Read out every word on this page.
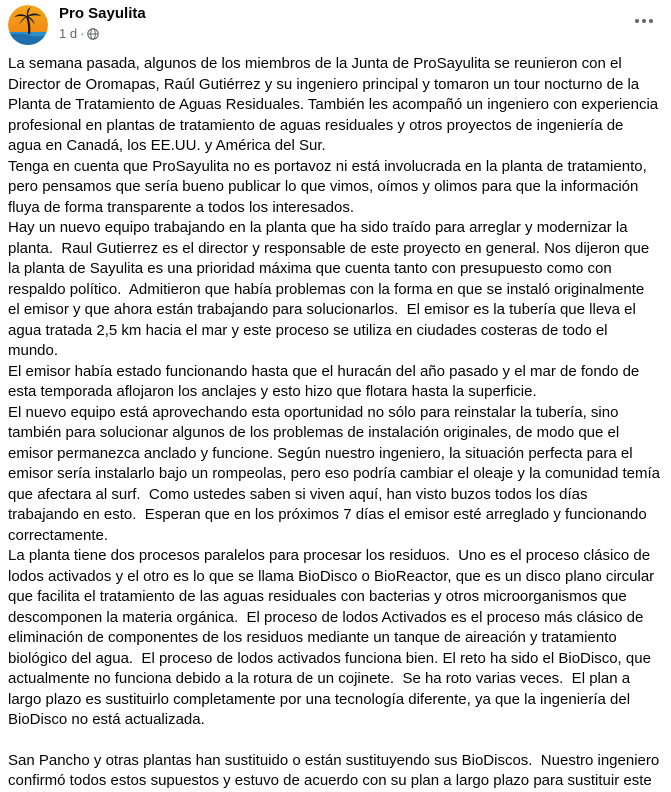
Pro Sayulita
1 d ·

La semana pasada, algunos de los miembros de la Junta de ProSayulita se reunieron con el Director de Oromapas, Raúl Gutiérrez y su ingeniero principal y tomaron un tour nocturno de la Planta de Tratamiento de Aguas Residuales. También les acompañó un ingeniero con experiencia profesional en plantas de tratamiento de aguas residuales y otros proyectos de ingeniería de agua en Canadá, los EE.UU. y América del Sur.

Tenga en cuenta que ProSayulita no es portavoz ni está involucrada en la planta de tratamiento, pero pensamos que sería bueno publicar lo que vimos, oímos y olimos para que la información fluya de forma transparente a todos los interesados.

Hay un nuevo equipo trabajando en la planta que ha sido traído para arreglar y modernizar la planta.  Raul Gutierrez es el director y responsable de este proyecto en general. Nos dijeron que la planta de Sayulita es una prioridad máxima que cuenta tanto con presupuesto como con respaldo político.  Admitieron que había problemas con la forma en que se instaló originalmente el emisor y que ahora están trabajando para solucionarlos.  El emisor es la tubería que lleva el agua tratada 2,5 km hacia el mar y este proceso se utiliza en ciudades costeras de todo el mundo.

El emisor había estado funcionando hasta que el huracán del año pasado y el mar de fondo de esta temporada aflojaron los anclajes y esto hizo que flotara hasta la superficie.

El nuevo equipo está aprovechando esta oportunidad no sólo para reinstalar la tubería, sino también para solucionar algunos de los problemas de instalación originales, de modo que el emisor permanezca anclado y funcione. Según nuestro ingeniero, la situación perfecta para el emisor sería instalarlo bajo un rompeolas, pero eso podría cambiar el oleaje y la comunidad temía que afectara al surf.  Como ustedes saben si viven aquí, han visto buzos todos los días trabajando en esto.  Esperan que en los próximos 7 días el emisor esté arreglado y funcionando correctamente.

La planta tiene dos procesos paralelos para procesar los residuos.  Uno es el proceso clásico de lodos activados y el otro es lo que se llama BioDisco o BioReactor, que es un disco plano circular que facilita el tratamiento de las aguas residuales con bacterias y otros microorganismos que descomponen la materia orgánica.  El proceso de lodos Activados es el proceso más clásico de eliminación de componentes de los residuos mediante un tanque de aireación y tratamiento biológico del agua.  El proceso de lodos activados funciona bien. El reto ha sido el BioDisco, que actualmente no funciona debido a la rotura de un cojinete.  Se ha roto varias veces.  El plan a largo plazo es sustituirlo completamente por una tecnología diferente, ya que la ingeniería del BioDisco no está actualizada.

San Pancho y otras plantas han sustituido o están sustituyendo sus BioDiscos.  Nuestro ingeniero confirmó todos estos supuestos y estuvo de acuerdo con su plan a largo plazo para sustituir este
